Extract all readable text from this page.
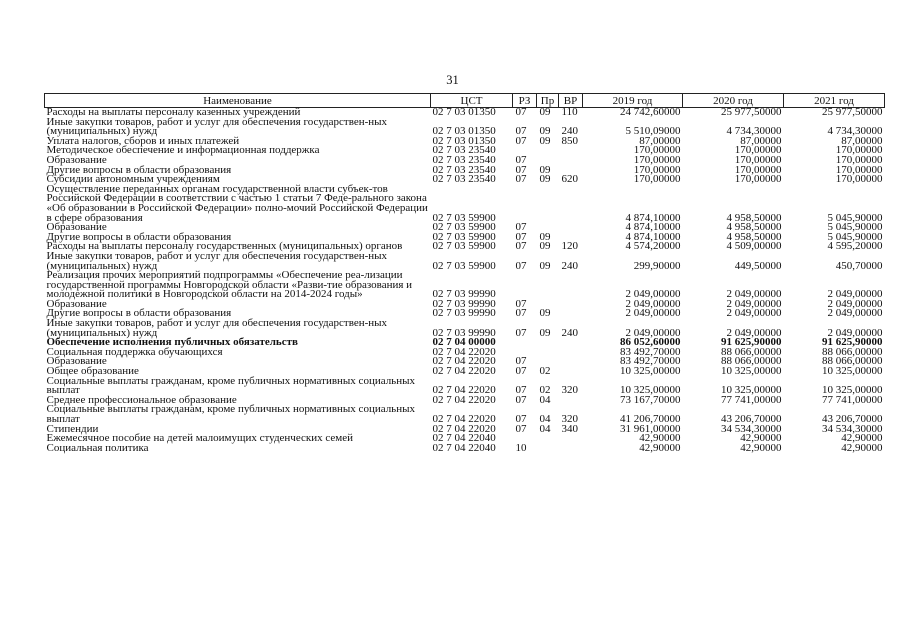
31
Наименование	ЦСТ	РЗ	Пр	ВР	2019 год	2020 год	2021 год
Расходы на выплаты персоналу казенных учреждений	02 7 03 01350	07	09	110	24 742,60000	25 977,50000	25 977,50000
Иные закупки товаров, работ и услуг для обеспечения государствен-ных (муниципальных) нужд	02 7 03 01350	07	09	240	5 510,09000	4 734,30000	4 734,30000
Уплата налогов, сборов и иных платежей	02 7 03 01350	07	09	850	87,00000	87,00000	87,00000
Методическое обеспечение и информационная поддержка	02 7 03 23540				170,00000	170,00000	170,00000
Образование	02 7 03 23540	07			170,00000	170,00000	170,00000
Другие вопросы в области образования	02 7 03 23540	07	09		170,00000	170,00000	170,00000
Субсидии автономным учреждениям	02 7 03 23540	07	09	620	170,00000	170,00000	170,00000
Осуществление переданных органам государственной власти субъек-тов Российской Федерации в соответствии с частью 1 статьи 7 Феде-рального закона «Об образовании в Российской Федерации» полно-мочий Российской Федерации в сфере образования	02 7 03 59900				4 874,10000	4 958,50000	5 045,90000
Образование	02 7 03 59900	07			4 874,10000	4 958,50000	5 045,90000
Другие вопросы в области образования	02 7 03 59900	07	09		4 874,10000	4 958,50000	5 045,90000
Расходы на выплаты персоналу государственных (муниципальных) органов	02 7 03 59900	07	09	120	4 574,20000	4 509,00000	4 595,20000
Иные закупки товаров, работ и услуг для обеспечения государствен-ных (муниципальных) нужд	02 7 03 59900	07	09	240	299,90000	449,50000	450,70000
Реализация прочих мероприятий подпрограммы «Обеспечение реа-лизации государственной программы Новгородской области «Разви-тие образования и молодежной политики в Новгородской области на 2014-2024 годы»	02 7 03 99990				2 049,00000	2 049,00000	2 049,00000
Образование	02 7 03 99990	07			2 049,00000	2 049,00000	2 049,00000
Другие вопросы в области образования	02 7 03 99990	07	09		2 049,00000	2 049,00000	2 049,00000
Иные закупки товаров, работ и услуг для обеспечения государствен-ных (муниципальных) нужд	02 7 03 99990	07	09	240	2 049,00000	2 049,00000	2 049,00000
Обеспечение исполнения публичных обязательств	02 7 04 00000				86 052,60000	91 625,90000	91 625,90000
Социальная поддержка обучающихся	02 7 04 22020				83 492,70000	88 066,00000	88 066,00000
Образование	02 7 04 22020	07			83 492,70000	88 066,00000	88 066,00000
Общее образование	02 7 04 22020	07	02		10 325,00000	10 325,00000	10 325,00000
Социальные выплаты гражданам, кроме публичных нормативных социальных выплат	02 7 04 22020	07	02	320	10 325,00000	10 325,00000	10 325,00000
Среднее профессиональное образование	02 7 04 22020	07	04		73 167,70000	77 741,00000	77 741,00000
Социальные выплаты гражданам, кроме публичных нормативных социальных выплат	02 7 04 22020	07	04	320	41 206,70000	43 206,70000	43 206,70000
Стипендии	02 7 04 22020	07	04	340	31 961,00000	34 534,30000	34 534,30000
Ежемесячное пособие на детей малоимущих студенческих семей	02 7 04 22040				42,90000	42,90000	42,90000
Социальная политика	02 7 04 22040	10			42,90000	42,90000	42,90000
